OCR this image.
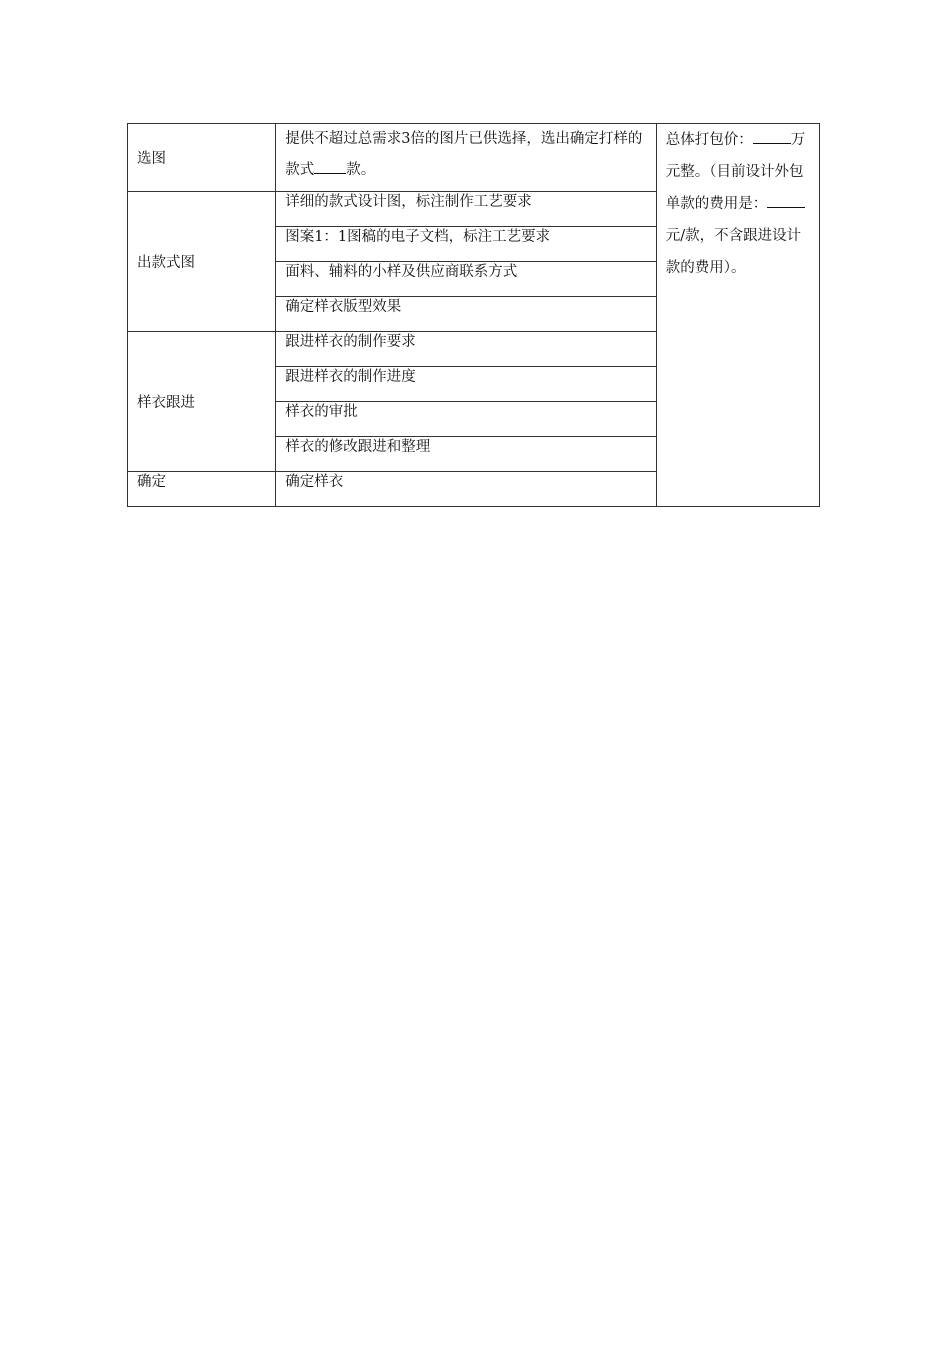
选图	提供不超过总需求3倍的图片已供选择，选出确定打样的款式 款。	总体打包价： 万元整。（目前设计外包单款的费用是：元/款，不含跟进设计款的费用）。
出款式图	详细的款式设计图，标注制作工艺要求	
	图案1：1图稿的电子文档，标注工艺要求	
	面料、辅料的小样及供应商联系方式	
	确定样衣版型效果	
样衣跟进	跟进样衣的制作要求	
	跟进样衣的制作进度	
	样衣的审批	
	样衣的修改跟进和整理	
确定	确定样衣	
